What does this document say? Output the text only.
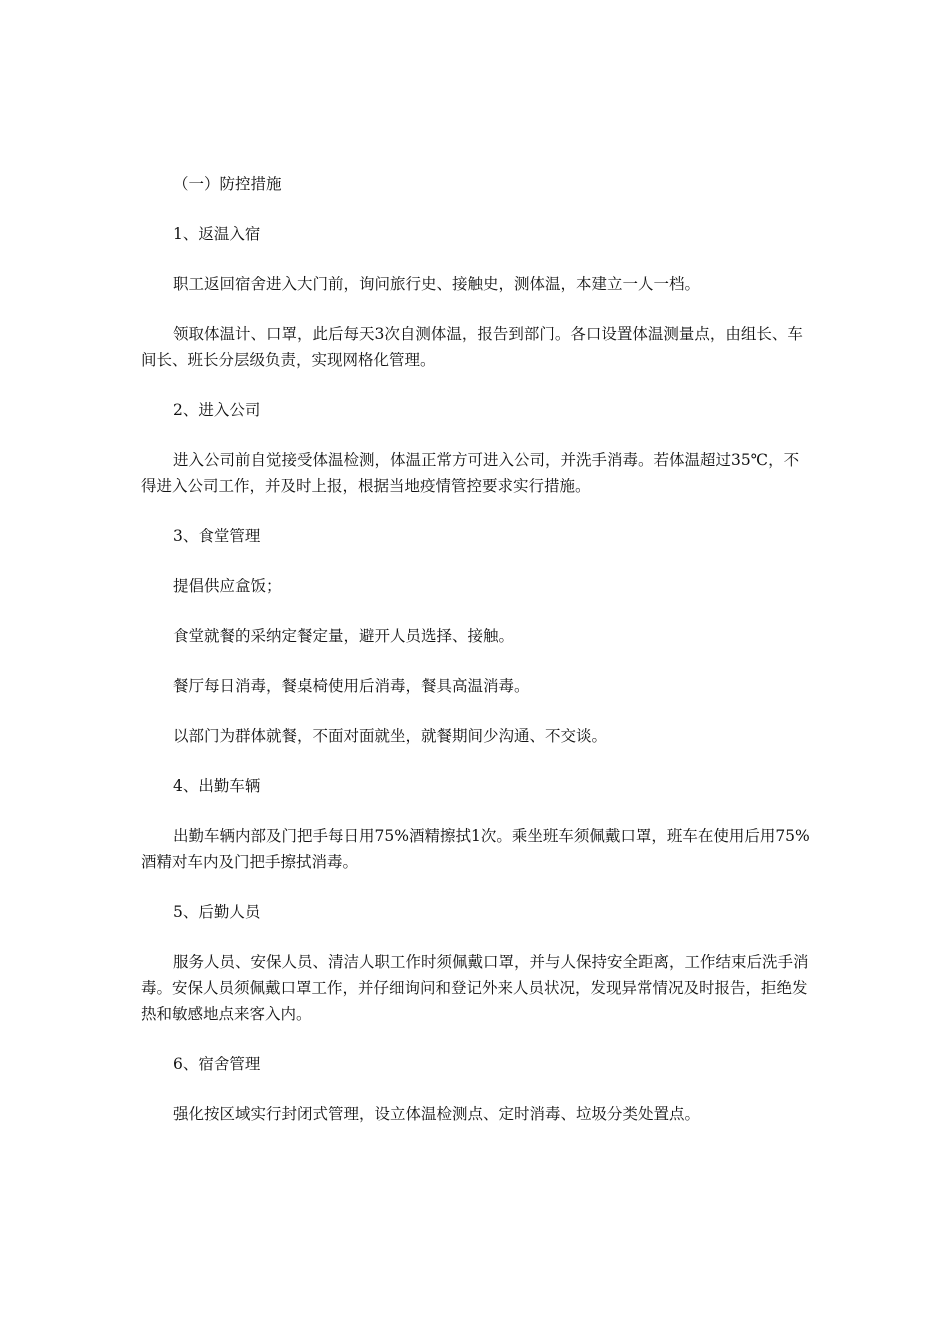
（一）防控措施

1、返温入宿

职工返回宿舍进入大门前，询问旅行史、接触史，测体温，本建立一人一档。

领取体温计、口罩，此后每天3次自测体温，报告到部门。各口设置体温测量点，由组长、车间长、班长分层级负责，实现网格化管理。

2、进入公司

进入公司前自觉接受体温检测，体温正常方可进入公司，并洗手消毒。若体温超过35℃，不得进入公司工作，并及时上报，根据当地疫情管控要求实行措施。

3、食堂管理

提倡供应盒饭；

食堂就餐的采纳定餐定量，避开人员选择、接触。

餐厅每日消毒，餐桌椅使用后消毒，餐具高温消毒。

以部门为群体就餐，不面对面就坐，就餐期间少沟通、不交谈。

4、出勤车辆

出勤车辆内部及门把手每日用75%酒精擦拭1次。乘坐班车须佩戴口罩，班车在使用后用75%酒精对车内及门把手擦拭消毒。

5、后勤人员

服务人员、安保人员、清洁人职工作时须佩戴口罩，并与人保持安全距离，工作结束后洗手消毒。安保人员须佩戴口罩工作，并仔细询问和登记外来人员状况，发现异常情况及时报告，拒绝发热和敏感地点来客入内。

6、宿舍管理

强化按区域实行封闭式管理，设立体温检测点、定时消毒、垃圾分类处置点。
